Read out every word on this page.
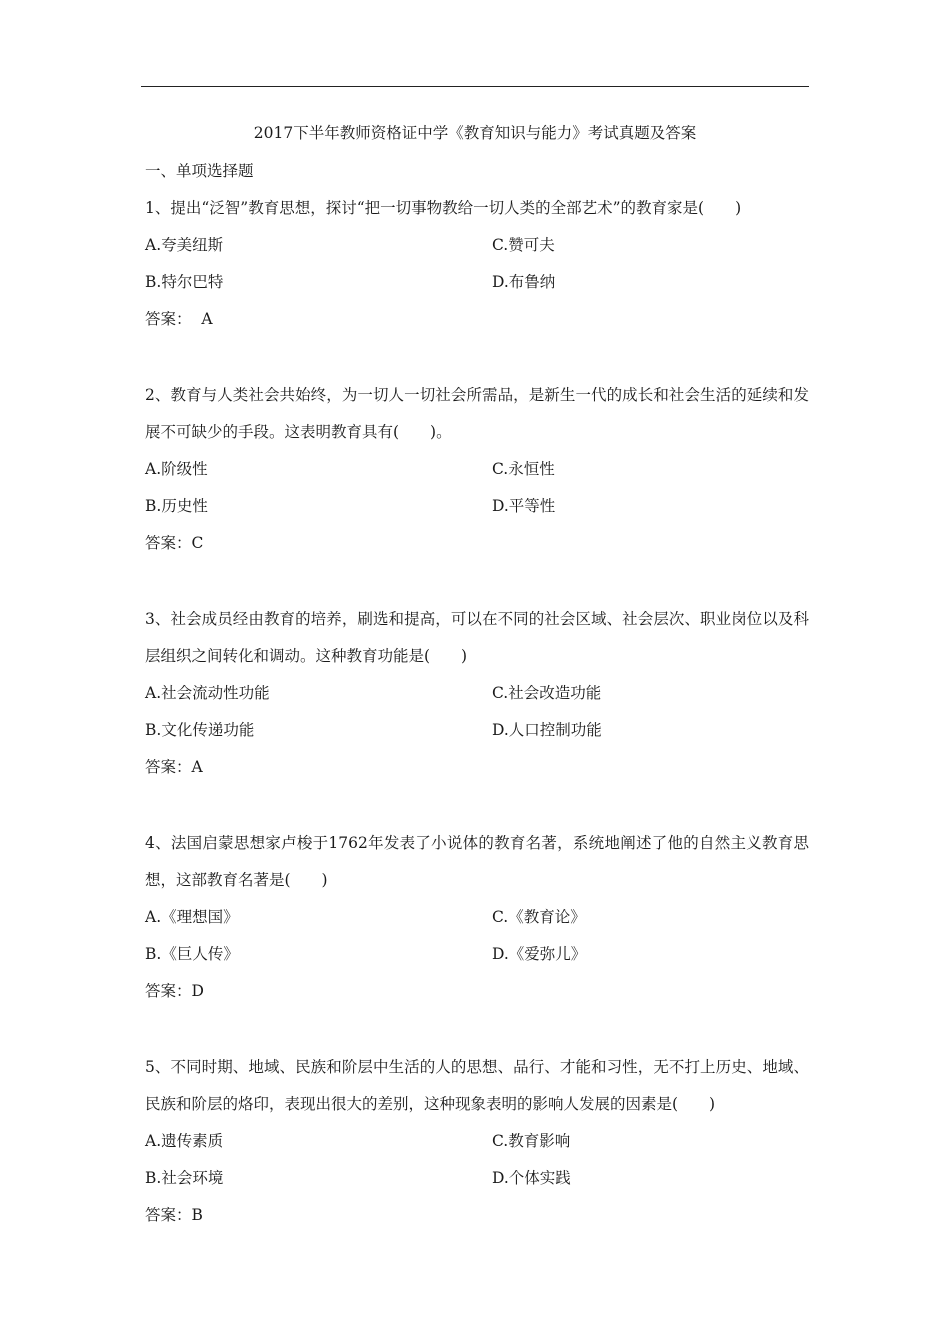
2017下半年教师资格证中学《教育知识与能力》考试真题及答案
一、单项选择题

1、提出“泛智”教育思想，探讨“把一切事物教给一切人类的全部艺术”的教育家是(　　)

A.夸美纽斯	C.赞可夫
B.特尔巴特	D.布鲁纳
答案：  A

2、教育与人类社会共始终，为一切人一切社会所需品，是新生一代的成长和社会生活的延续和发展不可缺少的手段。这表明教育具有(　　)。

A.阶级性	C.永恒性
B.历史性	D.平等性
答案：C

3、社会成员经由教育的培养，刷选和提高，可以在不同的社会区域、社会层次、职业岗位以及科层组织之间转化和调动。这种教育功能是(　　)

A.社会流动性功能	C.社会改造功能
B.文化传递功能	D.人口控制功能
答案：A

4、法国启蒙思想家卢梭于1762年发表了小说体的教育名著，系统地阐述了他的自然主义教育思想，这部教育名著是(　　)

A.《理想国》	C.《教育论》
B.《巨人传》	D.《爱弥儿》
答案：D

5、不同时期、地域、民族和阶层中生活的人的思想、品行、才能和习性，无不打上历史、地域、民族和阶层的烙印，表现出很大的差别，这种现象表明的影响人发展的因素是(　　)

A.遗传素质	C.教育影响
B.社会环境	D.个体实践
答案：B
